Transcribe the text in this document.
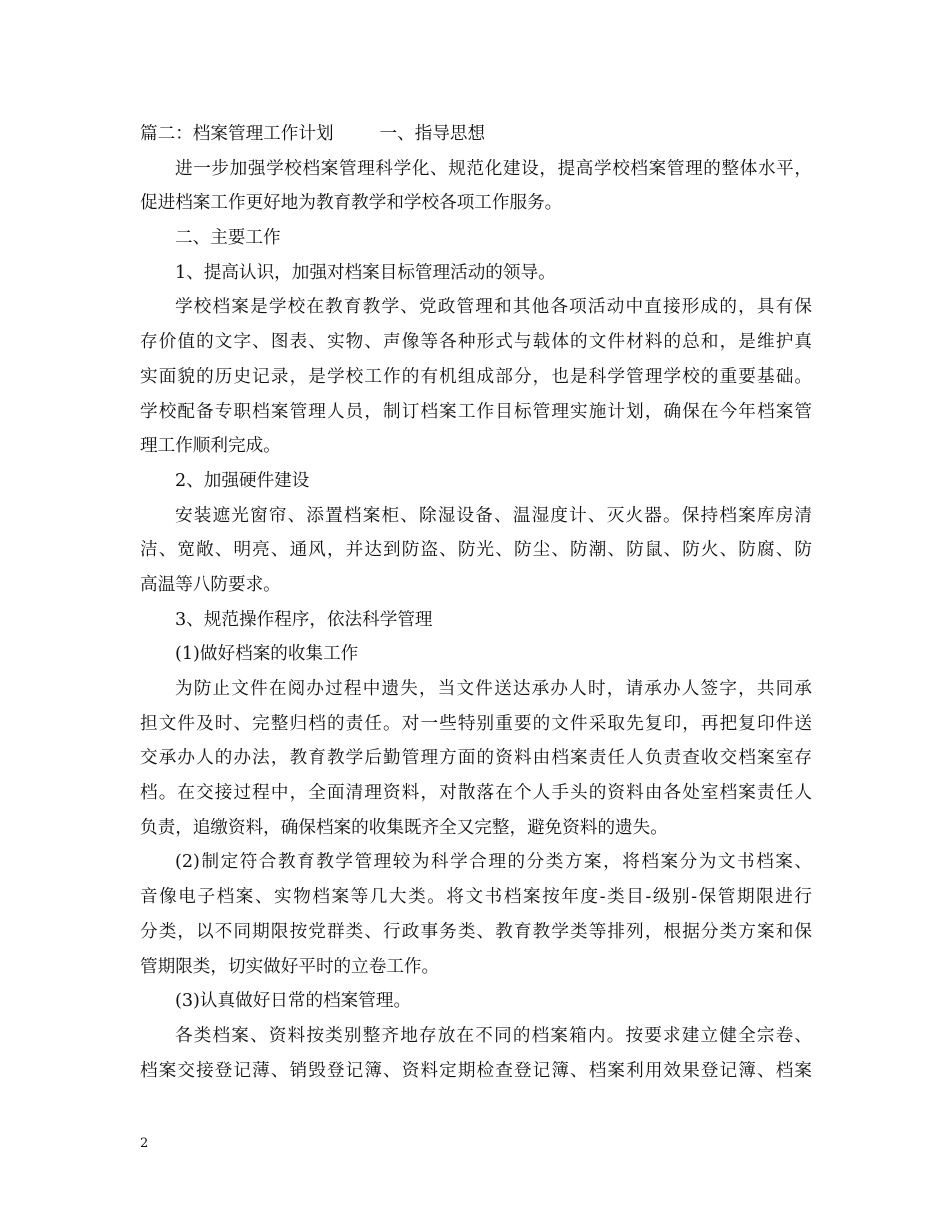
篇二：档案管理工作计划	一、指导思想
进一步加强学校档案管理科学化、规范化建设，提高学校档案管理的整体水平，
促进档案工作更好地为教育教学和学校各项工作服务。
二、主要工作
1、提高认识，加强对档案目标管理活动的领导。
学校档案是学校在教育教学、党政管理和其他各项活动中直接形成的，具有保
存价值的文字、图表、实物、声像等各种形式与载体的文件材料的总和，是维护真
实面貌的历史记录，是学校工作的有机组成部分，也是科学管理学校的重要基础。
学校配备专职档案管理人员，制订档案工作目标管理实施计划，确保在今年档案管
理工作顺利完成。
2、加强硬件建设
安装遮光窗帘、添置档案柜、除湿设备、温湿度计、灭火器。保持档案库房清
洁、宽敞、明亮、通风，并达到防盗、防光、防尘、防潮、防鼠、防火、防腐、防
高温等八防要求。
3、规范操作程序，依法科学管理
(1)做好档案的收集工作
为防止文件在阅办过程中遗失，当文件送达承办人时，请承办人签字，共同承
担文件及时、完整归档的责任。对一些特别重要的文件采取先复印，再把复印件送
交承办人的办法，教育教学后勤管理方面的资料由档案责任人负责查收交档案室存
档。在交接过程中，全面清理资料，对散落在个人手头的资料由各处室档案责任人
负责，追缴资料，确保档案的收集既齐全又完整，避免资料的遗失。
(2)制定符合教育教学管理较为科学合理的分类方案，将档案分为文书档案、
音像电子档案、实物档案等几大类。将文书档案按年度-类目-级别-保管期限进行
分类，以不同期限按党群类、行政事务类、教育教学类等排列，根据分类方案和保
管期限类，切实做好平时的立卷工作。
(3)认真做好日常的档案管理。
各类档案、资料按类别整齐地存放在不同的档案箱内。按要求建立健全宗卷、
档案交接登记薄、销毁登记簿、资料定期检查登记簿、档案利用效果登记簿、档案
2
